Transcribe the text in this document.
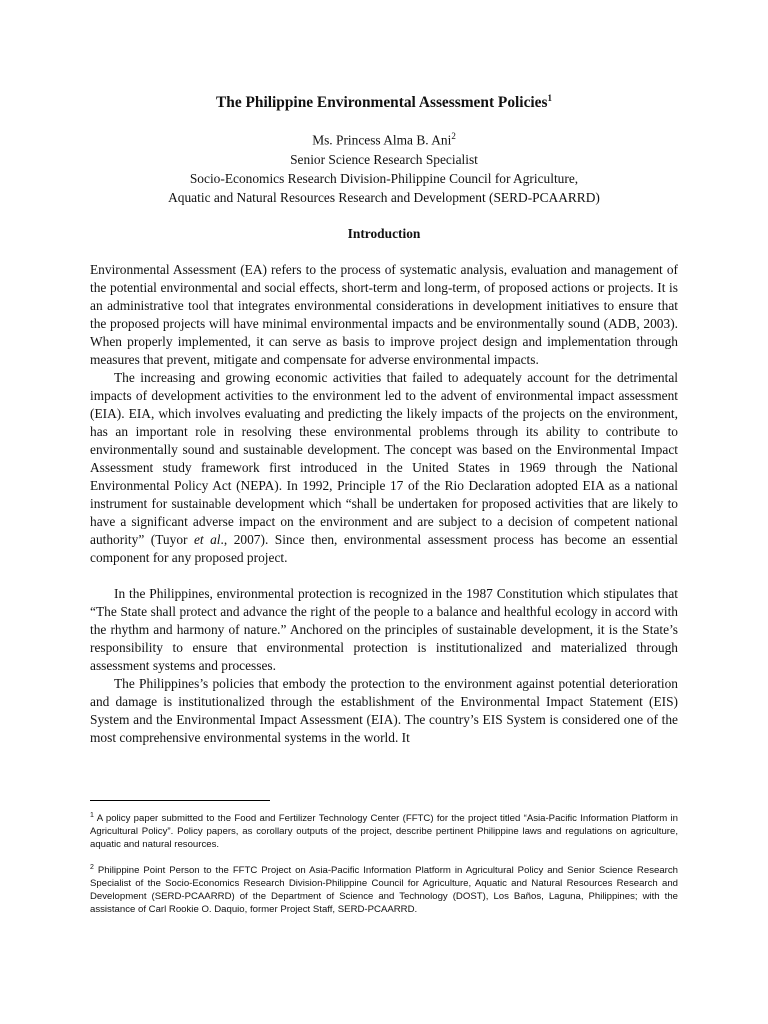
The Philippine Environmental Assessment Policies$^1$
Ms. Princess Alma B. Ani$^2$
Senior Science Research Specialist
Socio-Economics Research Division-Philippine Council for Agriculture,
Aquatic and Natural Resources Research and Development (SERD-PCAARRD)
Introduction

Environmental Assessment (EA) refers to the process of systematic analysis, evaluation and management of the potential environmental and social effects, short-term and long-term, of proposed actions or projects. It is an administrative tool that integrates environmental considerations in development initiatives to ensure that the proposed projects will have minimal environmental impacts and be environmentally sound (ADB, 2003). When properly implemented, it can serve as basis to improve project design and implementation through measures that prevent, mitigate and compensate for adverse environmental impacts.

The increasing and growing economic activities that failed to adequately account for the detrimental impacts of development activities to the environment led to the advent of environmental impact assessment (EIA). EIA, which involves evaluating and predicting the likely impacts of the projects on the environment, has an important role in resolving these environmental problems through its ability to contribute to environmentally sound and sustainable development. The concept was based on the Environmental Impact Assessment study framework first introduced in the United States in 1969 through the National Environmental Policy Act (NEPA). In 1992, Principle 17 of the Rio Declaration adopted EIA as a national instrument for sustainable development which “shall be undertaken for proposed activities that are likely to have a significant adverse impact on the environment and are subject to a decision of competent national authority” (Tuyor et al., 2007). Since then, environmental assessment process has become an essential component for any proposed project.

In the Philippines, environmental protection is recognized in the 1987 Constitution which stipulates that “The State shall protect and advance the right of the people to a balance and healthful ecology in accord with the rhythm and harmony of nature.” Anchored on the principles of sustainable development, it is the State’s responsibility to ensure that environmental protection is institutionalized and materialized through assessment systems and processes.

The Philippines’s policies that embody the protection to the environment against potential deterioration and damage is institutionalized through the establishment of the Environmental Impact Statement (EIS) System and the Environmental Impact Assessment (EIA). The country’s EIS System is considered one of the most comprehensive environmental systems in the world. It

$^1$ A policy paper submitted to the Food and Fertilizer Technology Center (FFTC) for the project titled “Asia-Pacific Information Platform in Agricultural Policy”. Policy papers, as corollary outputs of the project, describe pertinent Philippine laws and regulations on agriculture, aquatic and natural resources.

$^2$ Philippine Point Person to the FFTC Project on Asia-Pacific Information Platform in Agricultural Policy and Senior Science Research Specialist of the Socio-Economics Research Division-Philippine Council for Agriculture, Aquatic and Natural Resources Research and Development (SERD-PCAARRD) of the Department of Science and Technology (DOST), Los Baños, Laguna, Philippines; with the assistance of Carl Rookie O. Daquio, former Project Staff, SERD-PCAARRD.
